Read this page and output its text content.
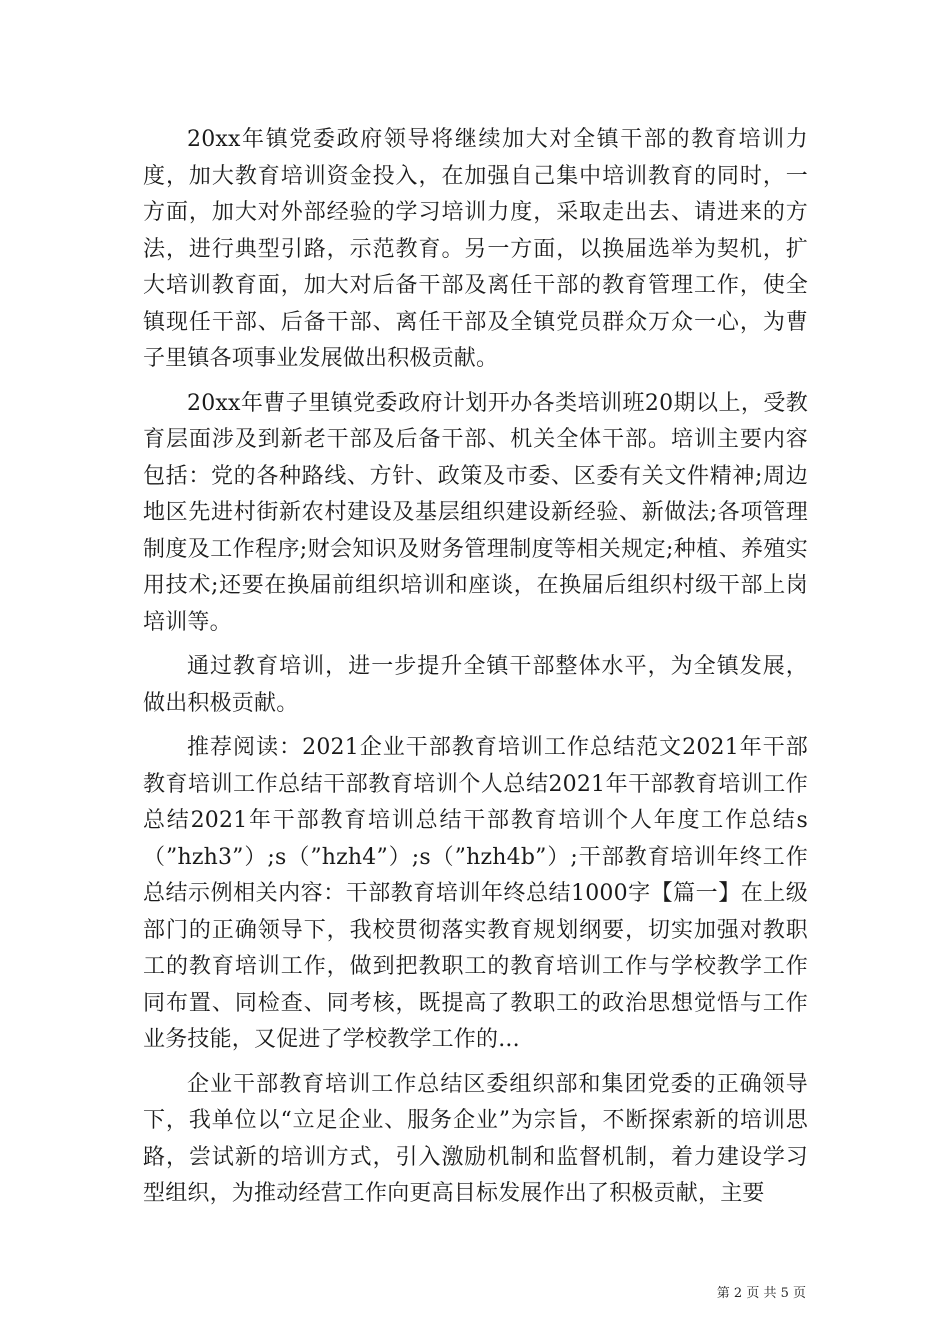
20xx年镇党委政府领导将继续加大对全镇干部的教育培训力度，加大教育培训资金投入，在加强自己集中培训教育的同时，一方面，加大对外部经验的学习培训力度，采取走出去、请进来的方法，进行典型引路，示范教育。另一方面，以换届选举为契机，扩大培训教育面，加大对后备干部及离任干部的教育管理工作，使全镇现任干部、后备干部、离任干部及全镇党员群众万众一心，为曹子里镇各项事业发展做出积极贡献。

20xx年曹子里镇党委政府计划开办各类培训班20期以上，受教育层面涉及到新老干部及后备干部、机关全体干部。培训主要内容包括：党的各种路线、方针、政策及市委、区委有关文件精神;周边地区先进村街新农村建设及基层组织建设新经验、新做法;各项管理制度及工作程序;财会知识及财务管理制度等相关规定;种植、养殖实用技术;还要在换届前组织培训和座谈，在换届后组织村级干部上岗培训等。

通过教育培训，进一步提升全镇干部整体水平，为全镇发展，做出积极贡献。

推荐阅读：2021企业干部教育培训工作总结范文2021年干部教育培训工作总结干部教育培训个人总结2021年干部教育培训工作总结2021年干部教育培训总结干部教育培训个人年度工作总结s（”hzh3”）;s（”hzh4”）;s（”hzh4b”）;干部教育培训年终工作总结示例相关内容：干部教育培训年终总结1000字【篇一】在上级部门的正确领导下，我校贯彻落实教育规划纲要，切实加强对教职工的教育培训工作，做到把教职工的教育培训工作与学校教学工作同布置、同检查、同考核，既提高了教职工的政治思想觉悟与工作业务技能，又促进了学校教学工作的...

企业干部教育培训工作总结区委组织部和集团党委的正确领导下，我单位以“立足企业、服务企业”为宗旨，不断探索新的培训思路，尝试新的培训方式，引入激励机制和监督机制，着力建设学习型组织，为推动经营工作向更高目标发展作出了积极贡献，主要

第 2 页 共 5 页
